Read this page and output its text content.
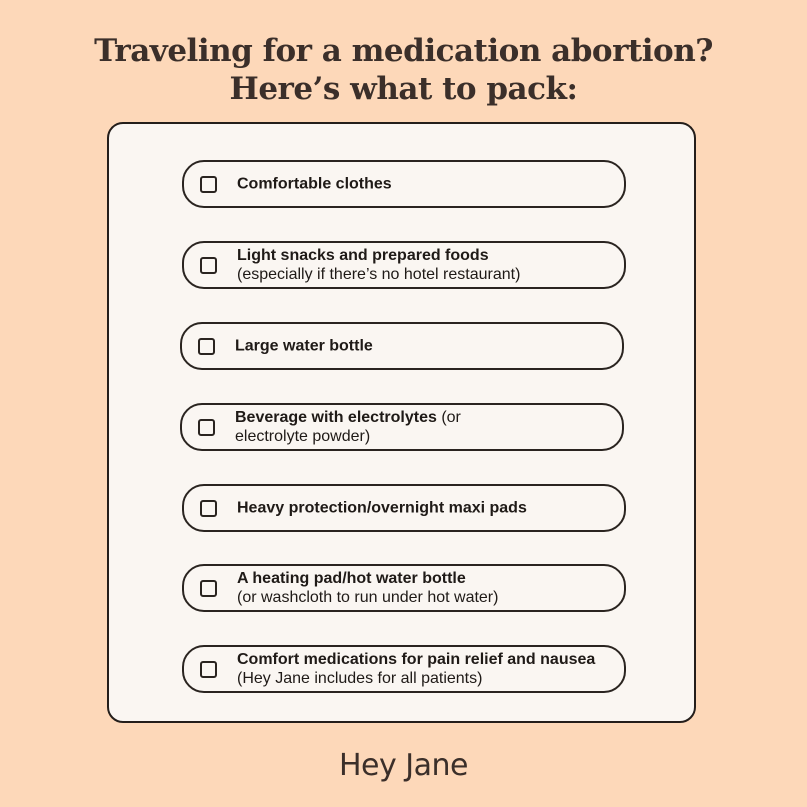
Traveling for a medication abortion?
Here’s what to pack:
Comfortable clothes
Light snacks and prepared foods
(especially if there’s no hotel restaurant)
Large water bottle
Beverage with electrolytes (or electrolyte powder)
Heavy protection/overnight maxi pads
A heating pad/hot water bottle
(or washcloth to run under hot water)
Comfort medications for pain relief and nausea (Hey Jane includes for all patients)
Hey Jane
